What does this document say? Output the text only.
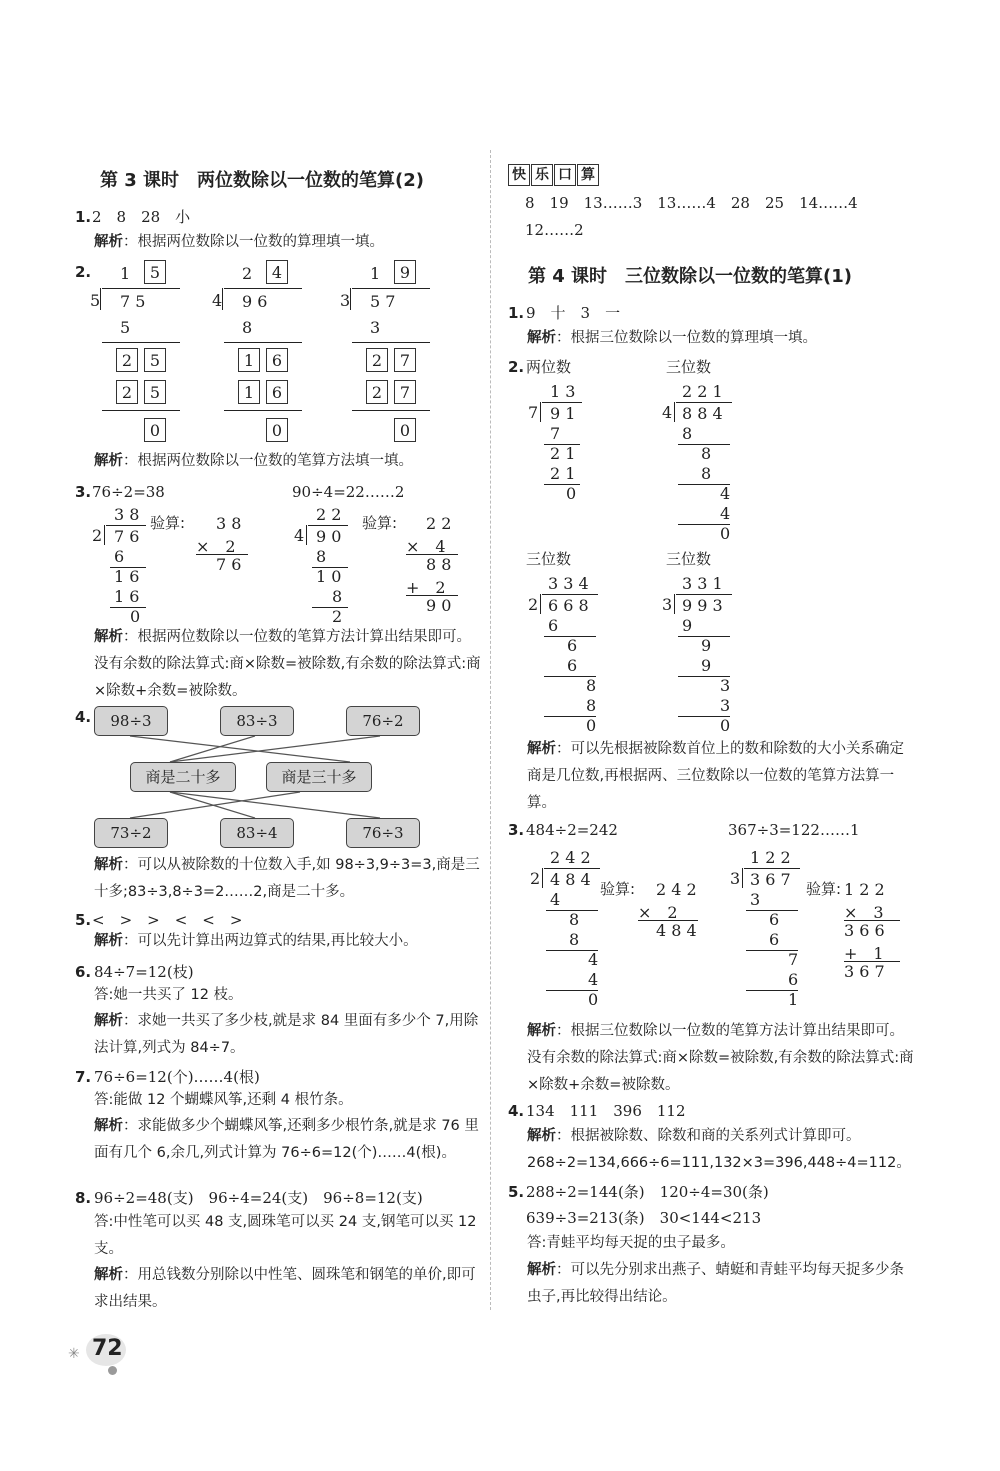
第 3 课时　两位数除以一位数的笔算(2)
1. 2　8　28　小
解析：根据两位数除以一位数的算理填一填。
2. 1	5
5 7 5
5
2	5
2	5
0
2	4
4 9 6
8
1	6
1	6
0
1	9
3 5 7
3
2	7
2	7
0
解析：根据两位数除以一位数的笔算方法填一填。
3. 76÷2=38	90÷4=22……2
3 8
2 7 6
6
1 6
1 6
0
验算: 3 8
×　2
7 6
2 2
4 9 0
8
1 0
8
2
验算: 2 2
×　4
8 8
+　2
9 0
解析：根据两位数除以一位数的笔算方法计算出结果即可。没有余数的除法算式:商×除数=被除数,有余数的除法算式:商×除数+余数=被除数。
4.	98÷3	83÷3	76÷2
商是二十多	商是三十多
73÷2	83÷4	76÷3
解析：可以从被除数的十位数入手,如 98÷3,9÷3=3,商是三十多;83÷3,8÷3=2……2,商是二十多。
5. <　>　>　<　<　>
解析：可以先计算出两边算式的结果,再比较大小。
6. 84÷7=12(枝)
答:她一共买了 12 枝。
解析：求她一共买了多少枝,就是求 84 里面有多少个 7,用除法计算,列式为 84÷7。
7. 76÷6=12(个)……4(根)
答:能做 12 个蝴蝶风筝,还剩 4 根竹条。
解析：求能做多少个蝴蝶风筝,还剩多少根竹条,就是求 76 里面有几个 6,余几,列式计算为 76÷6=12(个)……4(根)。
8. 96÷2=48(支)　96÷4=24(支)　96÷8=12(支)
答:中性笔可以买 48 支,圆珠笔可以买 24 支,钢笔可以买 12 支。
解析：用总钱数分别除以中性笔、圆珠笔和钢笔的单价,即可求出结果。
✳ 72
快 乐 口 算
8　19　13……3　13……4　28　25　14……4
12……2
第 4 课时　三位数除以一位数的笔算(1)
1. 9　十　3　一
解析：根据三位数除以一位数的算理填一填。
2. 两位数	三位数
三位数	三位数
1 3
7 9 1
7
2 1
2 1
0
2 2 1
4 8 8 4
8
8
8
4
4
0
3 3 4
2 6 6 8
6
6
6
8
8
0
3 3 1
3 9 9 3
9
9
9
3
3
0
解析：可以先根据被除数首位上的数和除数的大小关系确定商是几位数,再根据两、三位数除以一位数的笔算方法算一算。
3. 484÷2=242	367÷3=122……1
2 4 2
2 4 8 4
4
8
8
4
4
0
1 2 2
3 3 6 7
3
6
6
7
6
1
验算: 2 4 2
×　2
4 8 4
验算: 1 2 2
×　3
3 6 6
+　1
3 6 7
解析：根据三位数除以一位数的笔算方法计算出结果即可。没有余数的除法算式:商×除数=被除数,有余数的除法算式:商×除数+余数=被除数。
4. 134　111　396　112
解析：根据被除数、除数和商的关系列式计算即可。
268÷2=134,666÷6=111,132×3=396,448÷4=112。
5. 288÷2=144(条)　120÷4=30(条)
639÷3=213(条)　30<144<213
答:青蛙平均每天捉的虫子最多。
解析：可以先分别求出燕子、蜻蜓和青蛙平均每天捉多少条虫子,再比较得出结论。
